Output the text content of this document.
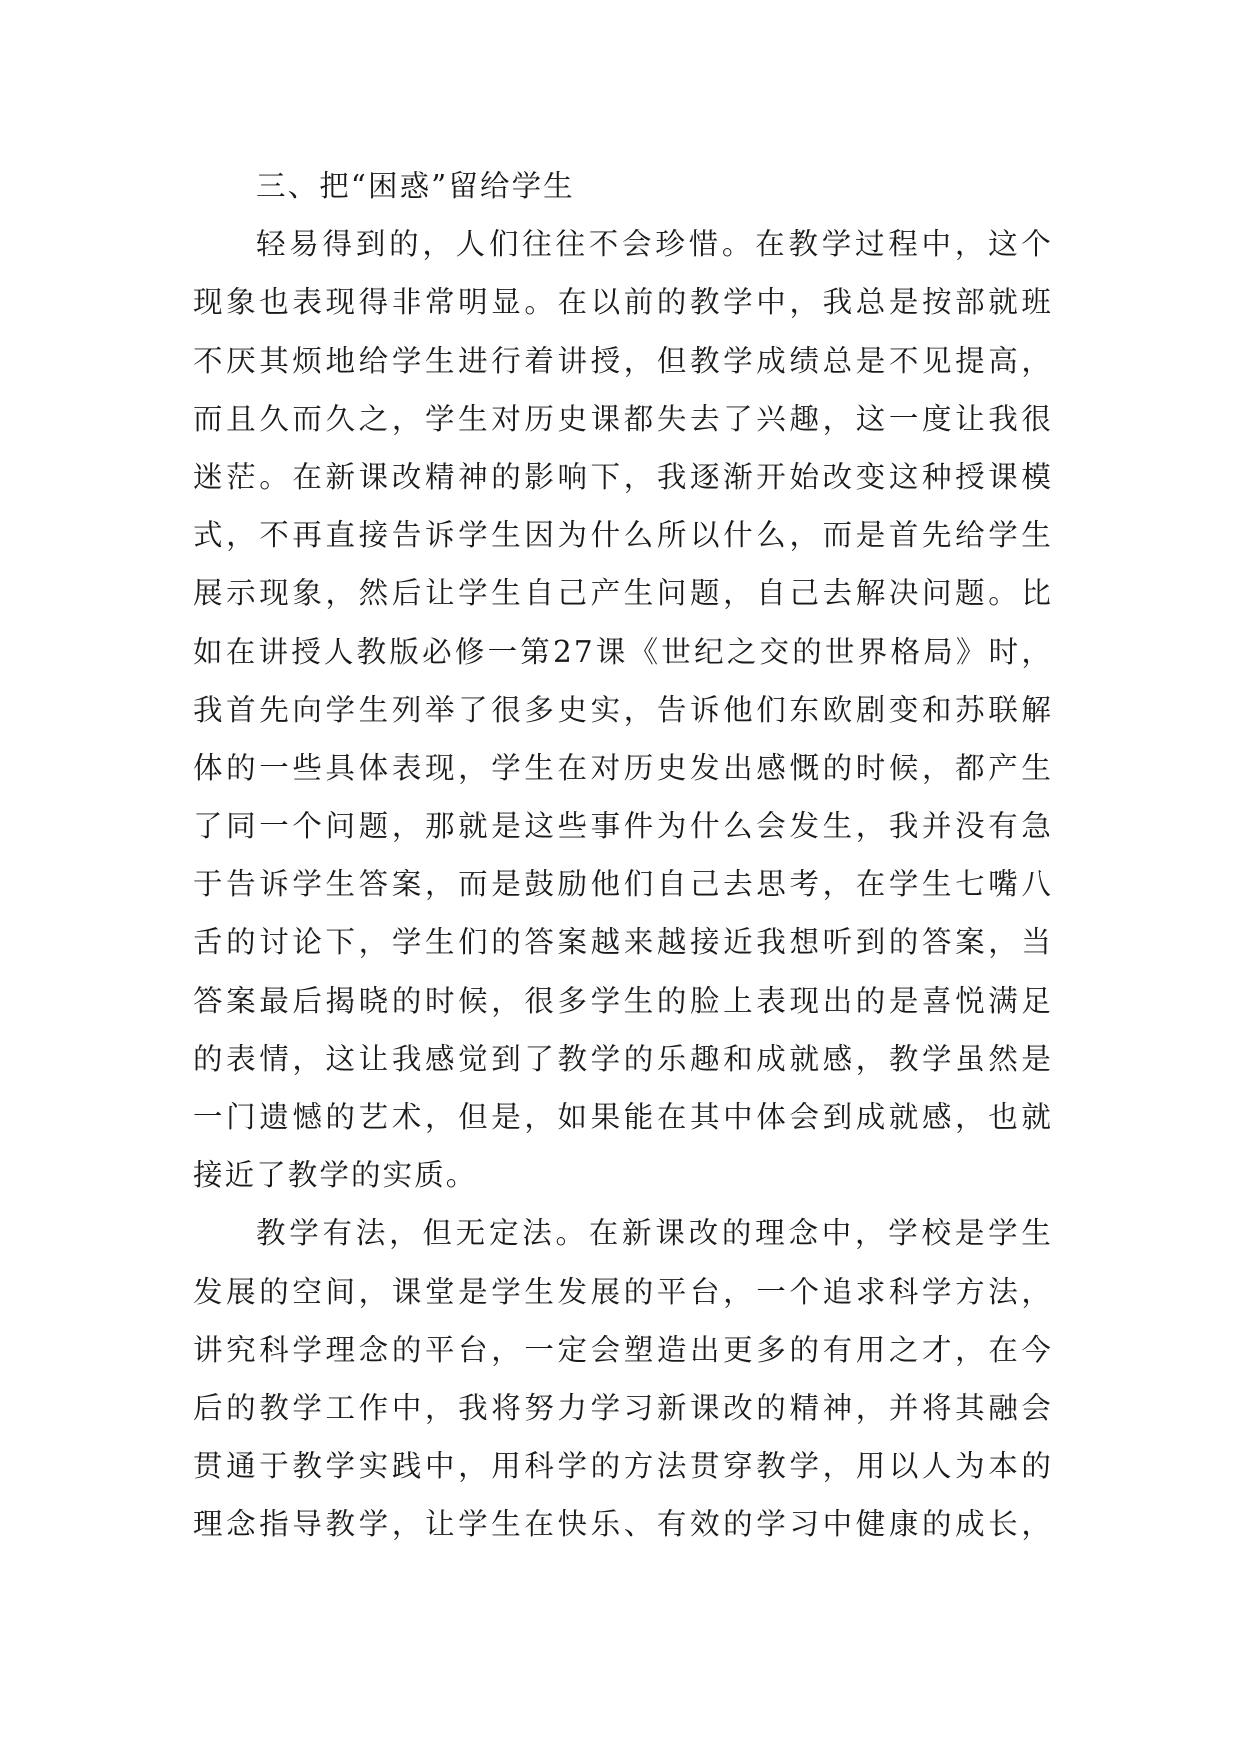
三、把“困惑”留给学生
轻易得到的，人们往往不会珍惜。在教学过程中，这个
现象也表现得非常明显。在以前的教学中，我总是按部就班
不厌其烦地给学生进行着讲授，但教学成绩总是不见提高，
而且久而久之，学生对历史课都失去了兴趣，这一度让我很
迷茫。在新课改精神的影响下，我逐渐开始改变这种授课模
式，不再直接告诉学生因为什么所以什么，而是首先给学生
展示现象，然后让学生自己产生问题，自己去解决问题。比
如在讲授人教版必修一第27课《世纪之交的世界格局》时，
我首先向学生列举了很多史实，告诉他们东欧剧变和苏联解
体的一些具体表现，学生在对历史发出感慨的时候，都产生
了同一个问题，那就是这些事件为什么会发生，我并没有急
于告诉学生答案，而是鼓励他们自己去思考，在学生七嘴八
舌的讨论下，学生们的答案越来越接近我想听到的答案，当
答案最后揭晓的时候，很多学生的脸上表现出的是喜悦满足
的表情，这让我感觉到了教学的乐趣和成就感，教学虽然是
一门遗憾的艺术，但是，如果能在其中体会到成就感，也就
接近了教学的实质。
教学有法，但无定法。在新课改的理念中，学校是学生
发展的空间，课堂是学生发展的平台，一个追求科学方法，
讲究科学理念的平台，一定会塑造出更多的有用之才，在今
后的教学工作中，我将努力学习新课改的精神，并将其融会
贯通于教学实践中，用科学的方法贯穿教学，用以人为本的
理念指导教学，让学生在快乐、有效的学习中健康的成长，
